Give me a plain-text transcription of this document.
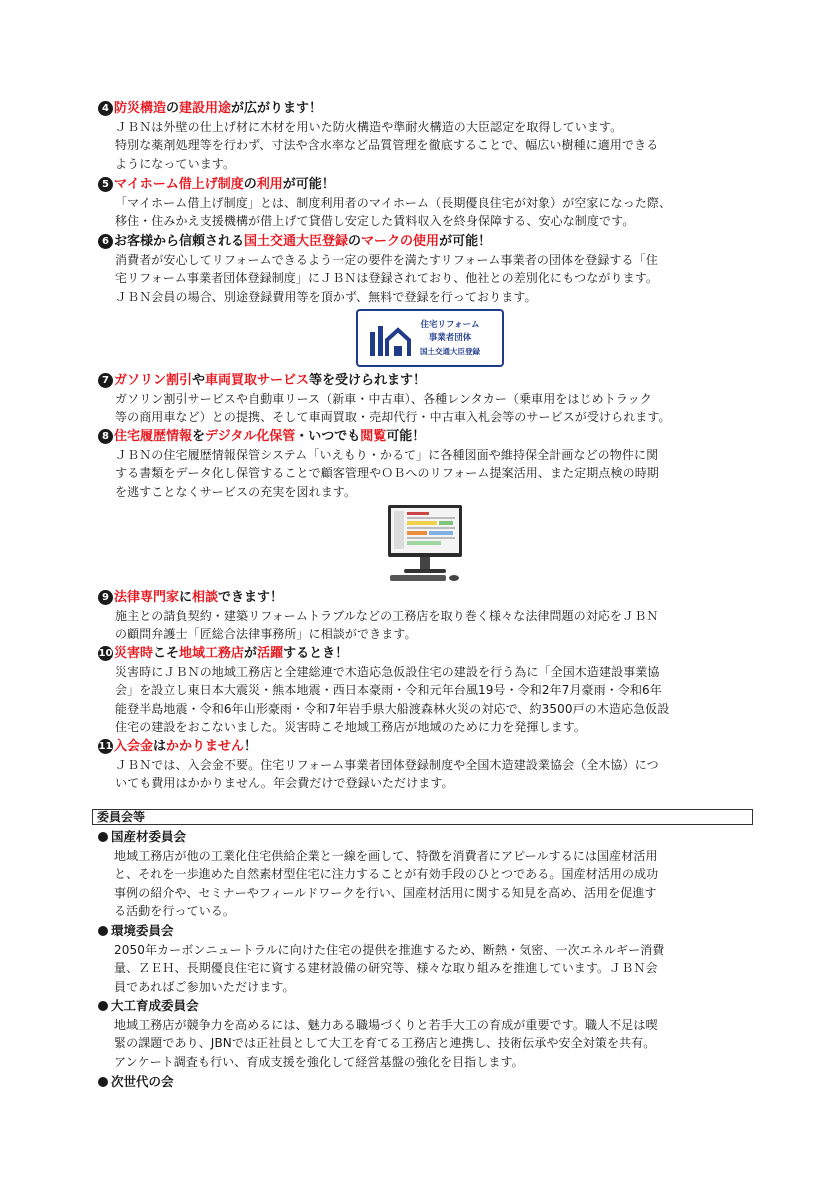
4 防災構造の建設用途が広がります！

ＪＢＮは外壁の仕上げ材に木材を用いた防火構造や準耐火構造の大臣認定を取得しています。

特別な薬剤処理等を行わず、寸法や含水率など品質管理を徹底することで、幅広い樹種に適用できる

ようになっています。

5 マイホーム借上げ制度の利用が可能！

「マイホーム借上げ制度」とは、制度利用者のマイホーム（長期優良住宅が対象）が空家になった際、

移住・住みかえ支援機構が借上げて貸借し安定した賃料収入を終身保障する、安心な制度です。

6 お客様から信頼される国土交通大臣登録のマークの使用が可能！

消費者が安心してリフォームできるよう一定の要件を満たすリフォーム事業者の団体を登録する「住

宅リフォーム事業者団体登録制度」にＪＢＮは登録されており、他社との差別化にもつながります。

ＪＢＮ会員の場合、別途登録費用等を頂かず、無料で登録を行っております。

7 ガソリン割引や車両買取サービス等を受けられます！

ガソリン割引サービスや自動車リース（新車・中古車）、各種レンタカー（乗車用をはじめトラック

等の商用車など）との提携、そして車両買取・売却代行・中古車入札会等のサービスが受けられます。

8 住宅履歴情報をデジタル化保管・いつでも閲覧可能！

ＪＢＮの住宅履歴情報保管システム「いえもり・かるて」に各種図面や維持保全計画などの物件に関

する書類をデータ化し保管することで顧客管理やＯＢへのリフォーム提案活用、また定期点検の時期

を逃すことなくサービスの充実を図れます。

9 法律専門家に相談できます！

施主との請負契約・建築リフォームトラブルなどの工務店を取り巻く様々な法律問題の対応をＪＢＮ

の顧問弁護士「匠総合法律事務所」に相談ができます。

10 災害時こそ地域工務店が活躍するとき！

災害時にＪＢＮの地域工務店と全建総連で木造応急仮設住宅の建設を行う為に「全国木造建設事業協

会」を設立し東日本大震災・熊本地震・西日本豪雨・令和元年台風19号・令和2年7月豪雨・令和6年

能登半島地震・令和6年山形豪雨・令和7年岩手県大船渡森林火災の対応で、約3500戸の木造応急仮設

住宅の建設をおこないました。災害時こそ地域工務店が地域のために力を発揮します。

11 入会金はかかりません！

ＪＢＮでは、入会金不要。住宅リフォーム事業者団体登録制度や全国木造建設業協会（全木協）につ

いても費用はかかりません。年会費だけで登録いただけます。

住宅リフォーム
事業者団体
国土交通大臣登録
委員会等
国産材委員会

地域工務店が他の工業化住宅供給企業と一線を画して、特徴を消費者にアピールするには国産材活用

と、それを一歩進めた自然素材型住宅に注力することが有効手段のひとつである。国産材活用の成功

事例の紹介や、セミナーやフィールドワークを行い、国産材活用に関する知見を高め、活用を促進す

る活動を行っている。

環境委員会

2050年カーボンニュートラルに向けた住宅の提供を推進するため、断熱・気密、一次エネルギー消費

量、ＺＥＨ、長期優良住宅に資する建材設備の研究等、様々な取り組みを推進しています。ＪＢＮ会

員であればご参加いただけます。

大工育成委員会

地域工務店が競争力を高めるには、魅力ある職場づくりと若手大工の育成が重要です。職人不足は喫

緊の課題であり、JBNでは正社員として大工を育てる工務店と連携し、技術伝承や安全対策を共有。

アンケート調査も行い、育成支援を強化して経営基盤の強化を目指します。

次世代の会
